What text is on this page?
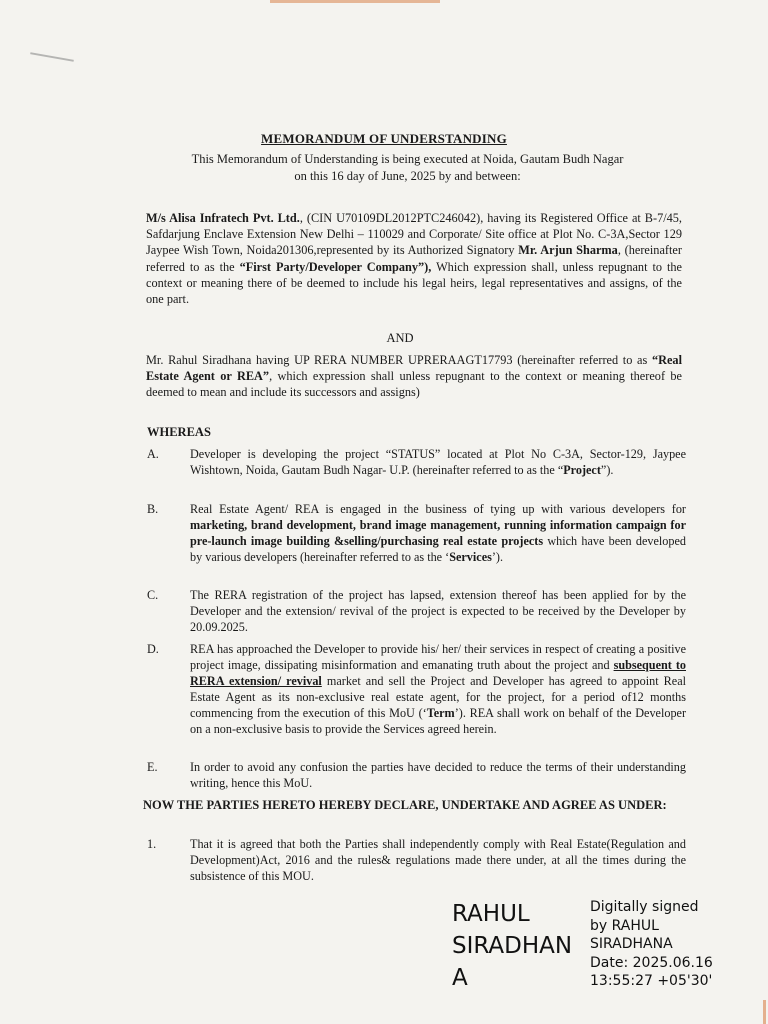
MEMORANDUM OF UNDERSTANDING
This Memorandum of Understanding is being executed at Noida, Gautam Budh Nagar
on this 16 day of June, 2025 by and between:
M/s Alisa Infratech Pvt. Ltd., (CIN U70109DL2012PTC246042), having its Registered Office at B-7/45, Safdarjung Enclave Extension New Delhi – 110029 and Corporate/ Site office at Plot No. C-3A,Sector 129 Jaypee Wish Town, Noida201306,represented by its Authorized Signatory Mr. Arjun Sharma, (hereinafter referred to as the “First Party/Developer Company”), Which expression shall, unless repugnant to the context or meaning there of be deemed to include his legal heirs, legal representatives and assigns, of the one part.
AND
Mr. Rahul Siradhana having UP RERA NUMBER UPRERAAGT17793 (hereinafter referred to as “Real Estate Agent or REA”, which expression shall unless repugnant to the context or meaning thereof be deemed to mean and include its successors and assigns)
WHEREAS
A.	Developer is developing the project “STATUS” located at Plot No C-3A, Sector-129, Jaypee Wishtown, Noida, Gautam Budh Nagar- U.P. (hereinafter referred to as the “Project”).
B.	Real Estate Agent/ REA is engaged in the business of tying up with various developers for marketing, brand development, brand image management, running information campaign for pre-launch image building &selling/purchasing real estate projects which have been developed by various developers (hereinafter referred to as the ‘Services’).
C.	The RERA registration of the project has lapsed, extension thereof has been applied for by the Developer and the extension/ revival of the project is expected to be received by the Developer by 20.09.2025.
D.	REA has approached the Developer to provide his/ her/ their services in respect of creating a positive project image, dissipating misinformation and emanating truth about the project and subsequent to RERA extension/ revival market and sell the Project and Developer has agreed to appoint Real Estate Agent as its non-exclusive real estate agent, for the project, for a period of12 months commencing from the execution of this MoU (‘Term’). REA shall work on behalf of the Developer on a non-exclusive basis to provide the Services agreed herein.
E.	In order to avoid any confusion the parties have decided to reduce the terms of their understanding writing, hence this MoU.
NOW THE PARTIES HERETO HEREBY DECLARE, UNDERTAKE AND AGREE AS UNDER:
1.	That it is agreed that both the Parties shall independently comply with Real Estate(Regulation and Development)Act, 2016 and the rules& regulations made there under, at all the times during the subsistence of this MOU.
RAHUL
SIRADHAN
A
Digitally signed
by RAHUL
SIRADHANA
Date: 2025.06.16
13:55:27 +05'30'
